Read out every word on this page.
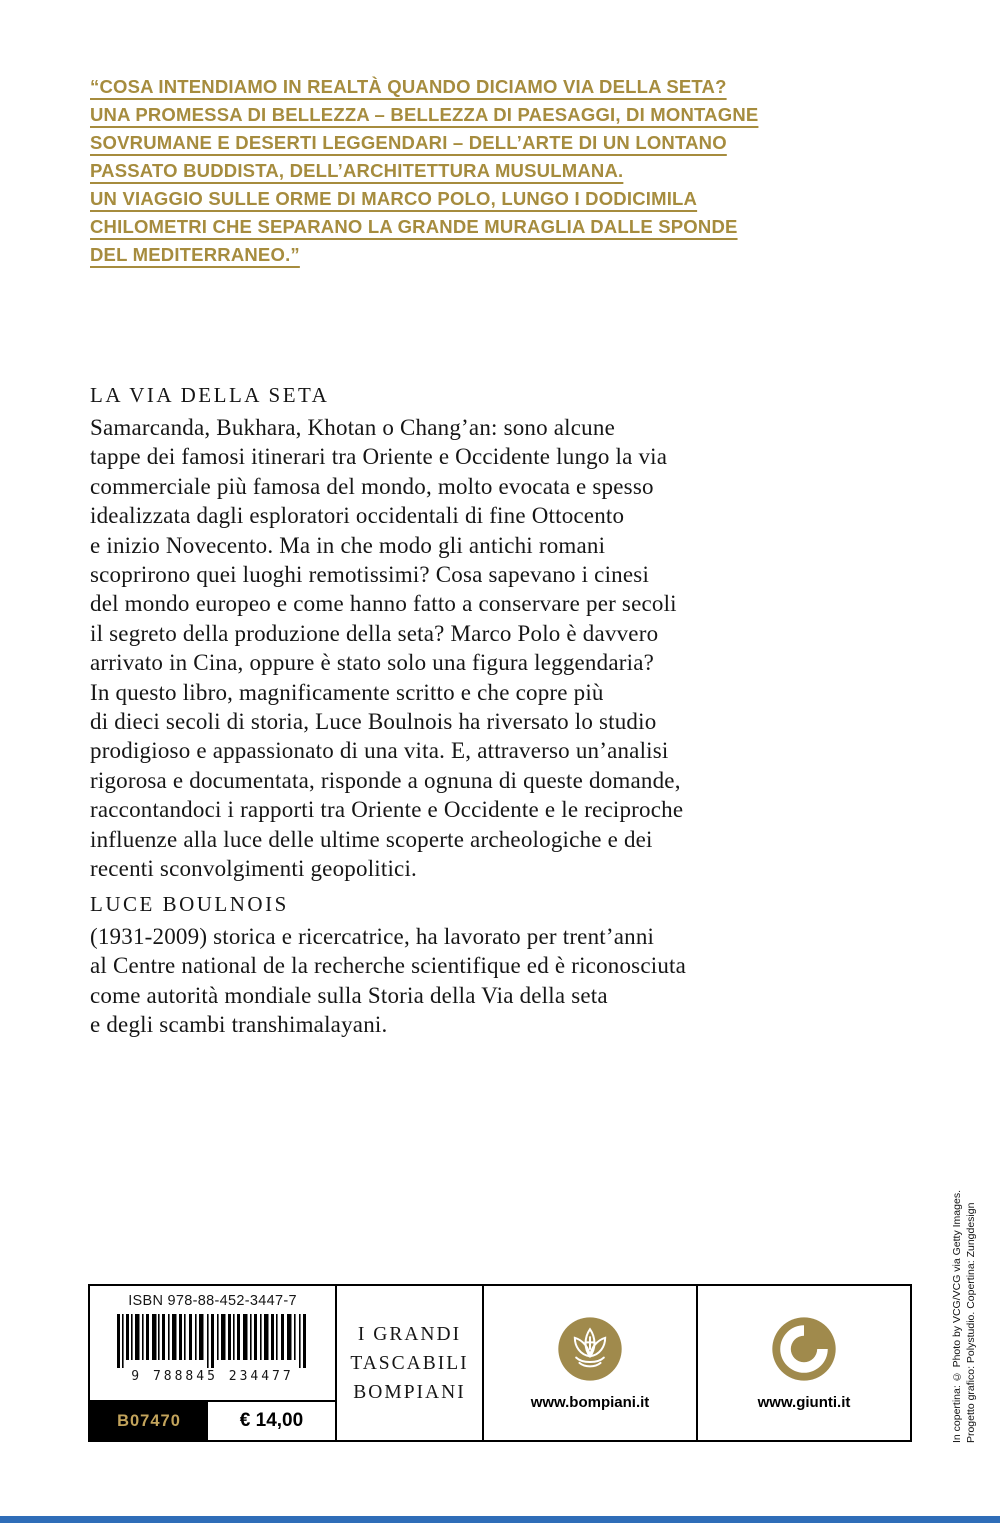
“COSA INTENDIAMO IN REALTÀ QUANDO DICIAMO VIA DELLA SETA?
UNA PROMESSA DI BELLEZZA – BELLEZZA DI PAESAGGI, DI MONTAGNE
SOVRUMANE E DESERTI LEGGENDARI – DELL’ARTE DI UN LONTANO
PASSATO BUDDISTA, DELL’ARCHITETTURA MUSULMANA.
UN VIAGGIO SULLE ORME DI MARCO POLO, LUNGO I DODICIMILA
CHILOMETRI CHE SEPARANO LA GRANDE MURAGLIA DALLE SPONDE
DEL MEDITERRANEO.”
LA VIA DELLA SETA
Samarcanda, Bukhara, Khotan o Chang’an: sono alcune
tappe dei famosi itinerari tra Oriente e Occidente lungo la via
commerciale più famosa del mondo, molto evocata e spesso
idealizzata dagli esploratori occidentali di fine Ottocento
e inizio Novecento. Ma in che modo gli antichi romani
scoprirono quei luoghi remotissimi? Cosa sapevano i cinesi
del mondo europeo e come hanno fatto a conservare per secoli
il segreto della produzione della seta? Marco Polo è davvero
arrivato in Cina, oppure è stato solo una figura leggendaria?
In questo libro, magnificamente scritto e che copre più
di dieci secoli di storia, Luce Boulnois ha riversato lo studio
prodigioso e appassionato di una vita. E, attraverso un’analisi
rigorosa e documentata, risponde a ognuna di queste domande,
raccontandoci i rapporti tra Oriente e Occidente e le reciproche
influenze alla luce delle ultime scoperte archeologiche e dei
recenti sconvolgimenti geopolitici.
LUCE BOULNOIS
(1931-2009) storica e ricercatrice, ha lavorato per trent’anni
al Centre national de la recherche scientifique ed è riconosciuta
come autorità mondiale sulla Storia della Via della seta
e degli scambi transhimalayani.
ISBN 978-88-452-3447-7
9 788845 234477
B07470	€ 14,00
I GRANDI
TASCABILI
BOMPIANI	www.bompiani.it	www.giunti.it	In copertina: © Photo by VCG/VCG via Getty Images. Progetto grafico: Polystudio. Copertina: Zungdesign
